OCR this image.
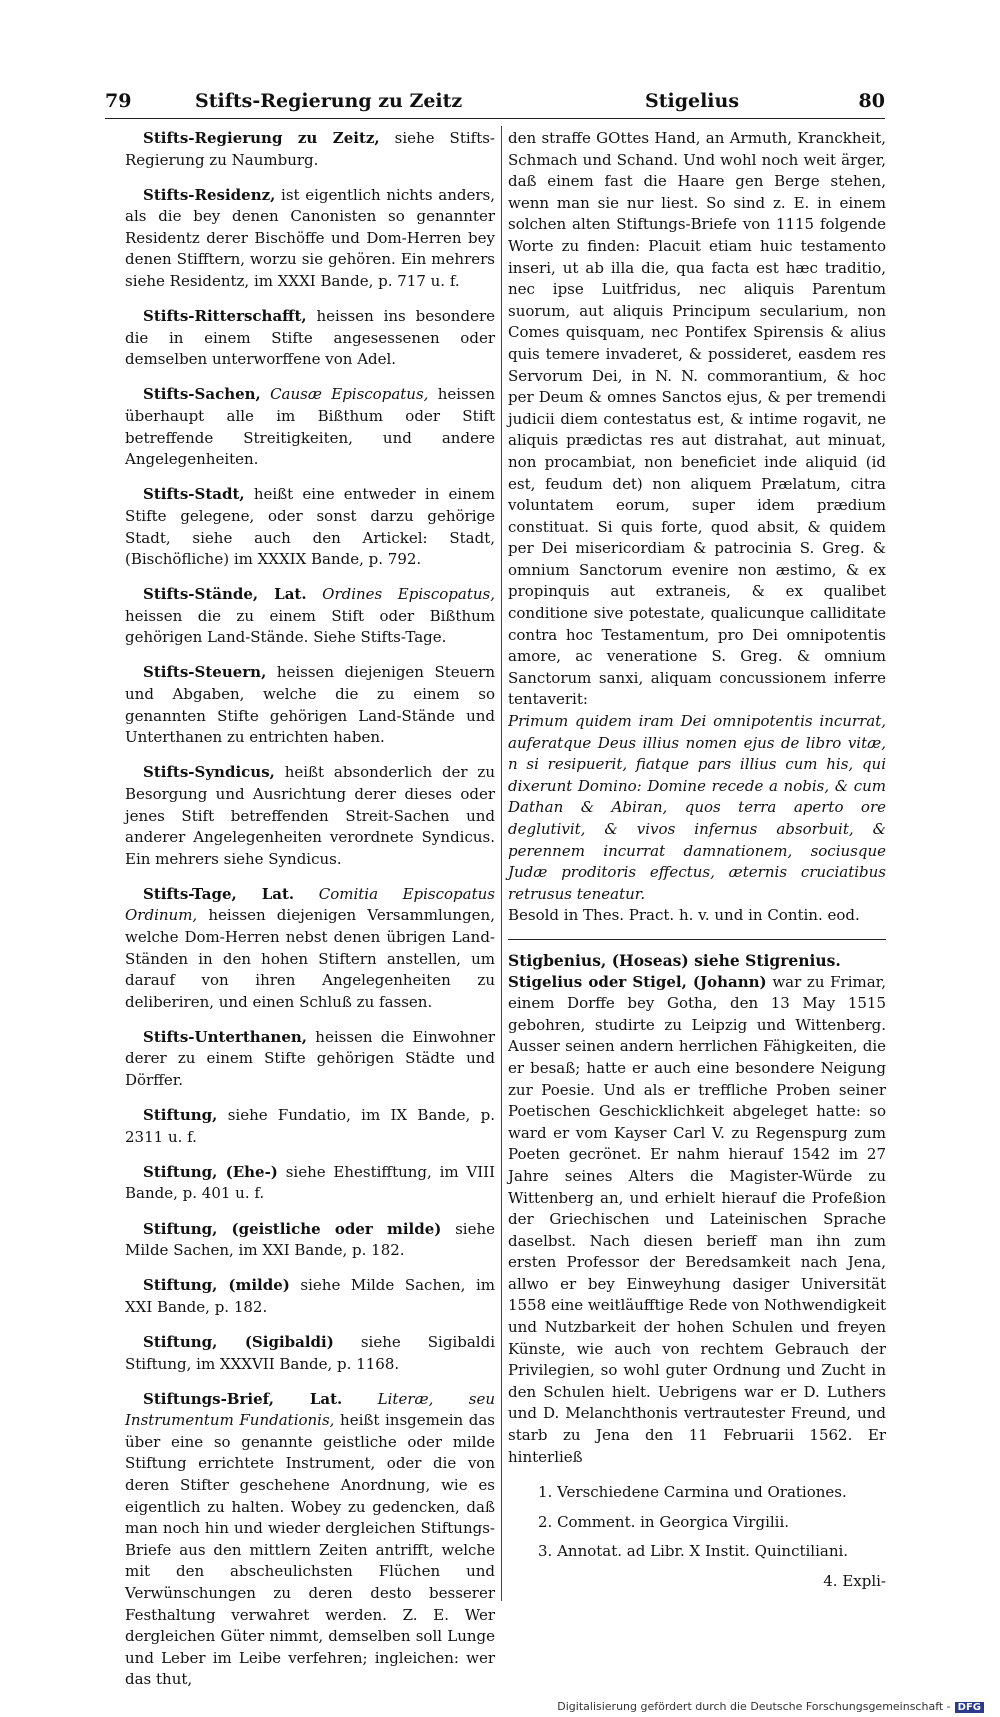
79	Stifts-Regierung zu Zeitz	Stigelius	80

Stifts-Regierung zu Zeitz, siehe Stifts-Regierung zu Naumburg.

Stifts-Residenz, ist eigentlich nichts anders, als die bey denen Canonisten so genannter Residentz derer Bischöffe und Dom-Herren bey denen Stifftern, worzu sie gehören. Ein mehrers siehe Residentz, im XXXI Bande, p. 717 u. f.

Stifts-Ritterschafft, heissen ins besondere die in einem Stifte angesessenen oder demselben unterworffene von Adel.

Stifts-Sachen, Causæ Episcopatus, heissen überhaupt alle im Bißthum oder Stift betreffende Streitigkeiten, und andere Angelegenheiten.

Stifts-Stadt, heißt eine entweder in einem Stifte gelegene, oder sonst darzu gehörige Stadt, siehe auch den Artickel: Stadt, (Bischöfliche) im XXXIX Bande, p. 792.

Stifts-Stände, Lat. Ordines Episcopatus, heissen die zu einem Stift oder Bißthum gehörigen Land-Stände. Siehe Stifts-Tage.

Stifts-Steuern, heissen diejenigen Steuern und Abgaben, welche die zu einem so genannten Stifte gehörigen Land-Stände und Unterthanen zu entrichten haben.

Stifts-Syndicus, heißt absonderlich der zu Besorgung und Ausrichtung derer dieses oder jenes Stift betreffenden Streit-Sachen und anderer Angelegenheiten verordnete Syndicus. Ein mehrers siehe Syndicus.

Stifts-Tage, Lat. Comitia Episcopatus Ordinum, heissen diejenigen Versammlungen, welche Dom-Herren nebst denen übrigen Land-Ständen in den hohen Stiftern anstellen, um darauf von ihren Angelegenheiten zu deliberiren, und einen Schluß zu fassen.

Stifts-Unterthanen, heissen die Einwohner derer zu einem Stifte gehörigen Städte und Dörffer.

Stiftung, siehe Fundatio, im IX Bande, p. 2311 u. f.

Stiftung, (Ehe-) siehe Ehestifftung, im VIII Bande, p. 401 u. f.

Stiftung, (geistliche oder milde) siehe Milde Sachen, im XXI Bande, p. 182.

Stiftung, (milde) siehe Milde Sachen, im XXI Bande, p. 182.

Stiftung, (Sigibaldi) siehe Sigibaldi Stiftung, im XXXVII Bande, p. 1168.

Stiftungs-Brief, Lat. Literæ, seu Instrumentum Fundationis, heißt insgemein das über eine so genannte geistliche oder milde Stiftung errichtete Instrument, oder die von deren Stifter geschehene Anordnung, wie es eigentlich zu halten. Wobey zu gedencken, daß man noch hin und wieder dergleichen Stiftungs-Briefe aus den mittlern Zeiten antrifft, welche mit den abscheulichsten Flüchen und Verwünschungen zu deren desto besserer Festhaltung verwahret werden. Z. E. Wer dergleichen Güter nimmt, demselben soll Lunge und Leber im Leibe verfehren; ingleichen: wer das thut,

den straffe GOttes Hand, an Armuth, Kranckheit, Schmach und Schand. Und wohl noch weit ärger, daß einem fast die Haare gen Berge stehen, wenn man sie nur liest. So sind z. E. in einem solchen alten Stiftungs-Briefe von 1115 folgende Worte zu finden: Placuit etiam huic testamento inseri, ut ab illa die, qua facta est hæc traditio, nec ipse Luitfridus, nec aliquis Parentum suorum, aut aliquis Principum secularium, non Comes quisquam, nec Pontifex Spirensis & alius quis temere invaderet, & possideret, easdem res Servorum Dei, in N. N. commorantium, & hoc per Deum & omnes Sanctos ejus, & per tremendi judicii diem contestatus est, & intime rogavit, ne aliquis prædictas res aut distrahat, aut minuat, non procambiat, non beneficiet inde aliquid (id est, feudum det) non aliquem Prælatum, citra voluntatem eorum, super idem prædium constituat. Si quis forte, quod absit, & quidem per Dei misericordiam & patrocinia S. Greg. & omnium Sanctorum evenire non æstimo, & ex propinquis aut extraneis, & ex qualibet conditione sive potestate, qualicunque calliditate contra hoc Testamentum, pro Dei omnipotentis amore, ac veneratione S. Greg. & omnium Sanctorum sanxi, aliquam concussionem inferre tentaverit:

Primum quidem iram Dei omnipotentis incurrat, auferatque Deus illius nomen ejus de libro vitæ, n si resipuerit, fiatque pars illius cum his, qui dixerunt Domino: Domine recede a nobis, & cum Dathan & Abiran, quos terra aperto ore deglutivit, & vivos infernus absorbuit, & perennem incurrat damnationem, sociusque Judæ proditoris effectus, æternis cruciatibus retrusus teneatur.

Besold in Thes. Pract. h. v. und in Contin. eod.

Stigbenius, (Hoseas) siehe Stigrenius.

Stigelius oder Stigel, (Johann) war zu Frimar, einem Dorffe bey Gotha, den 13 May 1515 gebohren, studirte zu Leipzig und Wittenberg. Ausser seinen andern herrlichen Fähigkeiten, die er besaß; hatte er auch eine besondere Neigung zur Poesie. Und als er treffliche Proben seiner Poetischen Geschicklichkeit abgeleget hatte: so ward er vom Kayser Carl V. zu Regenspurg zum Poeten gecrönet. Er nahm hierauf 1542 im 27 Jahre seines Alters die Magister-Würde zu Wittenberg an, und erhielt hierauf die Profeßion der Griechischen und Lateinischen Sprache daselbst. Nach diesen berieff man ihn zum ersten Professor der Beredsamkeit nach Jena, allwo er bey Einweyhung dasiger Universität 1558 eine weitläufftige Rede von Nothwendigkeit und Nutzbarkeit der hohen Schulen und freyen Künste, wie auch von rechtem Gebrauch der Privilegien, so wohl guter Ordnung und Zucht in den Schulen hielt. Uebrigens war er D. Luthers und D. Melanchthonis vertrautester Freund, und starb zu Jena den 11 Februarii 1562. Er hinterließ

1. Verschiedene Carmina und Orationes.
2. Comment. in Georgica Virgilii.
3. Annotat. ad Libr. X Instit. Quinctiliani.
4. Expli-
Digitalisierung gefördert durch die Deutsche Forschungsgemeinschaft - DFG
